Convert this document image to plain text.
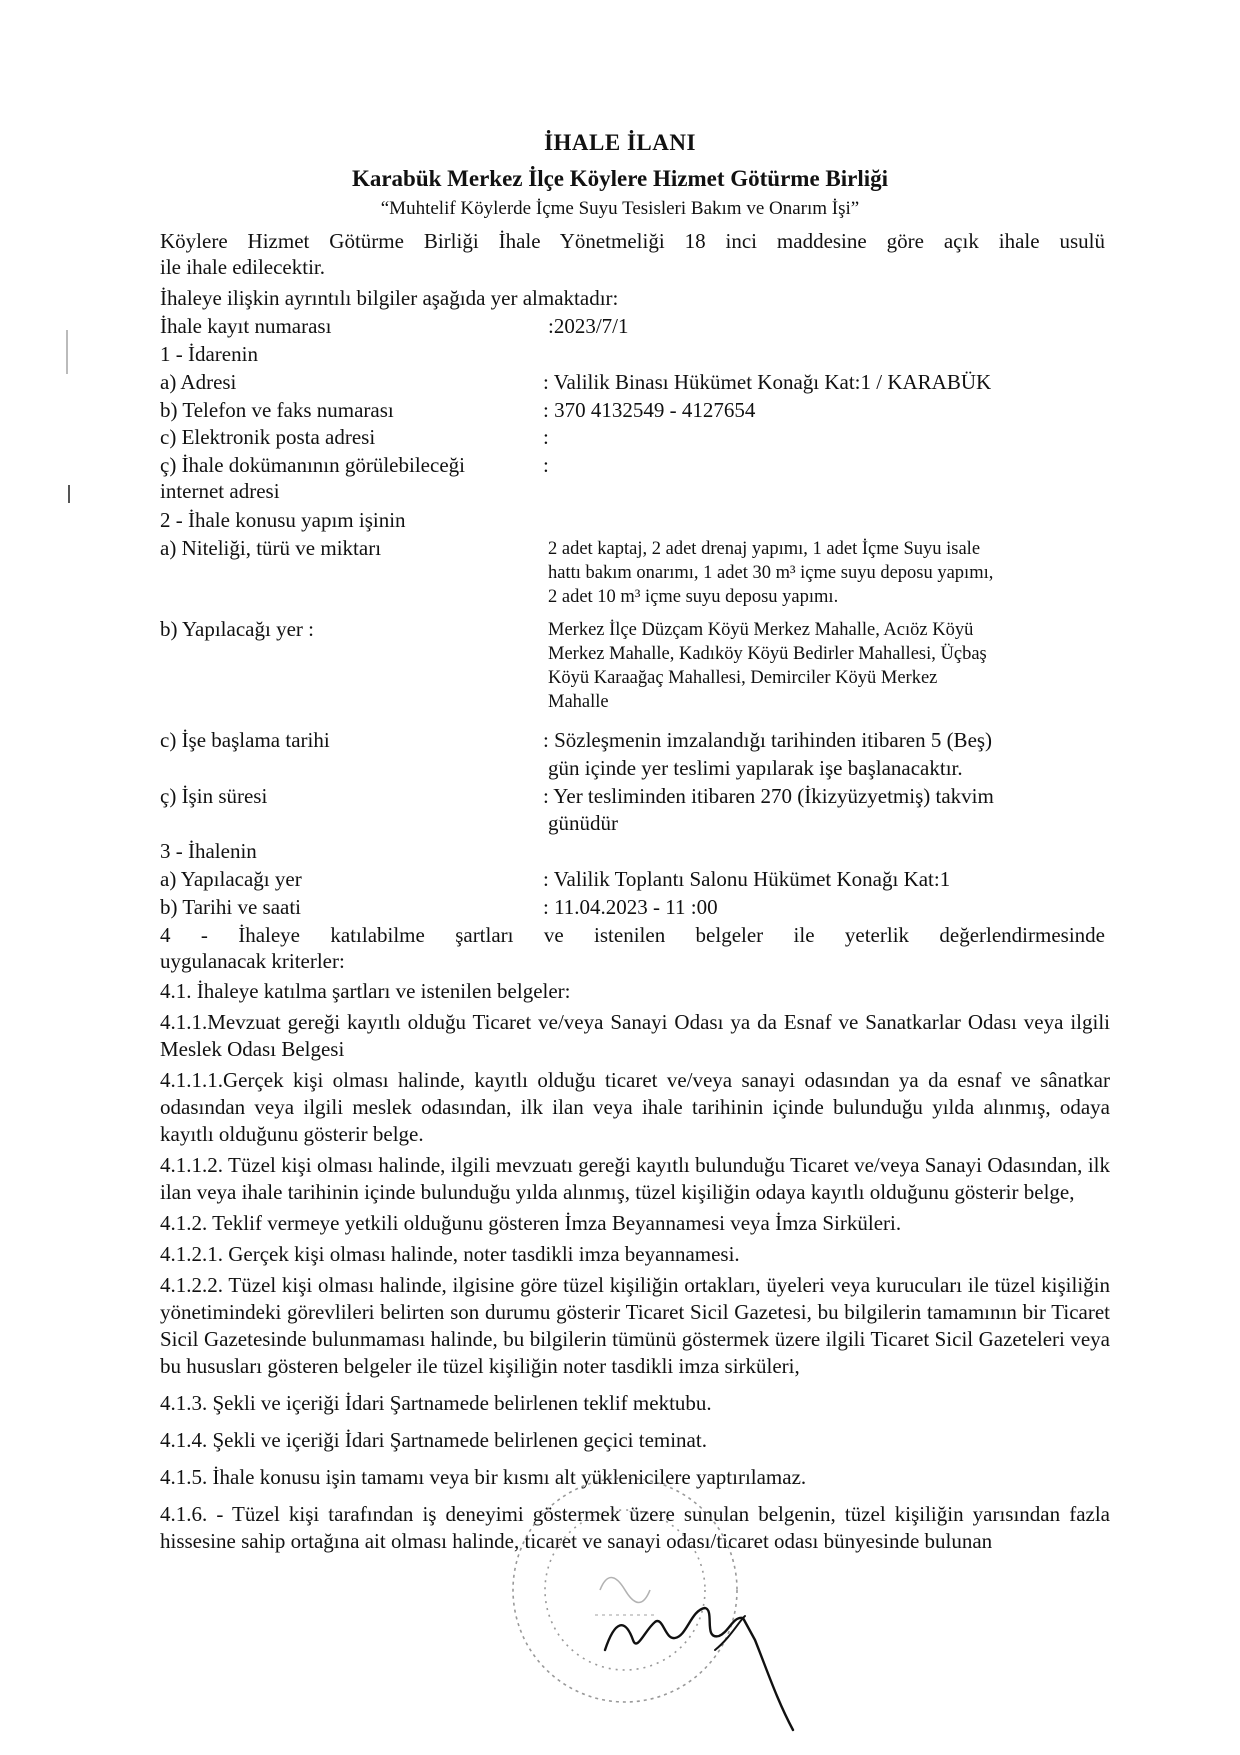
İHALE İLANI
Karabük Merkez İlçe Köylere Hizmet Götürme Birliği
“Muhtelif Köylerde İçme Suyu Tesisleri Bakım ve Onarım İşi”
Köylere Hizmet Götürme Birliği İhale Yönetmeliği 18 inci maddesine göre açık ihale usulü
ile ihale edilecektir.
İhaleye ilişkin ayrıntılı bilgiler aşağıda yer almaktadır:
İhale kayıt numarası	:2023/7/1
1 - İdarenin
a) Adresi	: Valilik Binası Hükümet Konağı Kat:1 / KARABÜK
b) Telefon ve faks numarası	: 370 4132549 - 4127654
c) Elektronik posta adresi	:
ç) İhale dokümanının görülebileceği	:
internet adresi
2 - İhale konusu yapım işinin
a) Niteliği, türü ve miktarı	2 adet kaptaj, 2 adet drenaj yapımı, 1 adet İçme Suyu isale
hattı bakım onarımı, 1 adet 30 m³ içme suyu deposu yapımı,
2 adet 10 m³ içme suyu deposu yapımı.
b) Yapılacağı yer :	Merkez İlçe Düzçam Köyü Merkez Mahalle, Acıöz Köyü
Merkez Mahalle, Kadıköy Köyü Bedirler Mahallesi, Üçbaş
Köyü Karaağaç Mahallesi, Demirciler Köyü Merkez
Mahalle
c) İşe başlama tarihi	: Sözleşmenin imzalandığı tarihinden itibaren 5 (Beş)
gün içinde yer teslimi yapılarak işe başlanacaktır.
ç) İşin süresi	: Yer tesliminden itibaren 270 (İkizyüzyetmiş) takvim
günüdür
3 - İhalenin
a) Yapılacağı yer	: Valilik Toplantı Salonu Hükümet Konağı Kat:1
b) Tarihi ve saati	: 11.04.2023 - 11 :00
4 - İhaleye katılabilme şartları ve istenilen belgeler ile yeterlik değerlendirmesinde
uygulanacak kriterler:

4.1. İhaleye katılma şartları ve istenilen belgeler:

4.1.1.Mevzuat gereği kayıtlı olduğu Ticaret ve/veya Sanayi Odası ya da Esnaf ve Sanatkarlar Odası veya ilgili Meslek Odası Belgesi

4.1.1.1.Gerçek kişi olması halinde, kayıtlı olduğu ticaret ve/veya sanayi odasından ya da esnaf ve sânatkar odasından veya ilgili meslek odasından, ilk ilan veya ihale tarihinin içinde bulunduğu yılda alınmış, odaya kayıtlı olduğunu gösterir belge.

4.1.1.2. Tüzel kişi olması halinde, ilgili mevzuatı gereği kayıtlı bulunduğu Ticaret ve/veya Sanayi Odasından, ilk ilan veya ihale tarihinin içinde bulunduğu yılda alınmış, tüzel kişiliğin odaya kayıtlı olduğunu gösterir belge,

4.1.2. Teklif vermeye yetkili olduğunu gösteren İmza Beyannamesi veya İmza Sirküleri.

4.1.2.1. Gerçek kişi olması halinde, noter tasdikli imza beyannamesi.

4.1.2.2. Tüzel kişi olması halinde, ilgisine göre tüzel kişiliğin ortakları, üyeleri veya kurucuları ile tüzel kişiliğin yönetimindeki görevlileri belirten son durumu gösterir Ticaret Sicil Gazetesi, bu bilgilerin tamamının bir Ticaret Sicil Gazetesinde bulunmaması halinde, bu bilgilerin tümünü göstermek üzere ilgili Ticaret Sicil Gazeteleri veya bu hususları gösteren belgeler ile tüzel kişiliğin noter tasdikli imza sirküleri,

4.1.3. Şekli ve içeriği İdari Şartnamede belirlenen teklif mektubu.

4.1.4. Şekli ve içeriği İdari Şartnamede belirlenen geçici teminat.

4.1.5. İhale konusu işin tamamı veya bir kısmı alt yüklenicilere yaptırılamaz.

4.1.6. - Tüzel kişi tarafından iş deneyimi göstermek üzere sunulan belgenin, tüzel kişiliğin yarısından fazla hissesine sahip ortağına ait olması halinde, ticaret ve sanayi odası/ticaret odası bünyesinde bulunan
